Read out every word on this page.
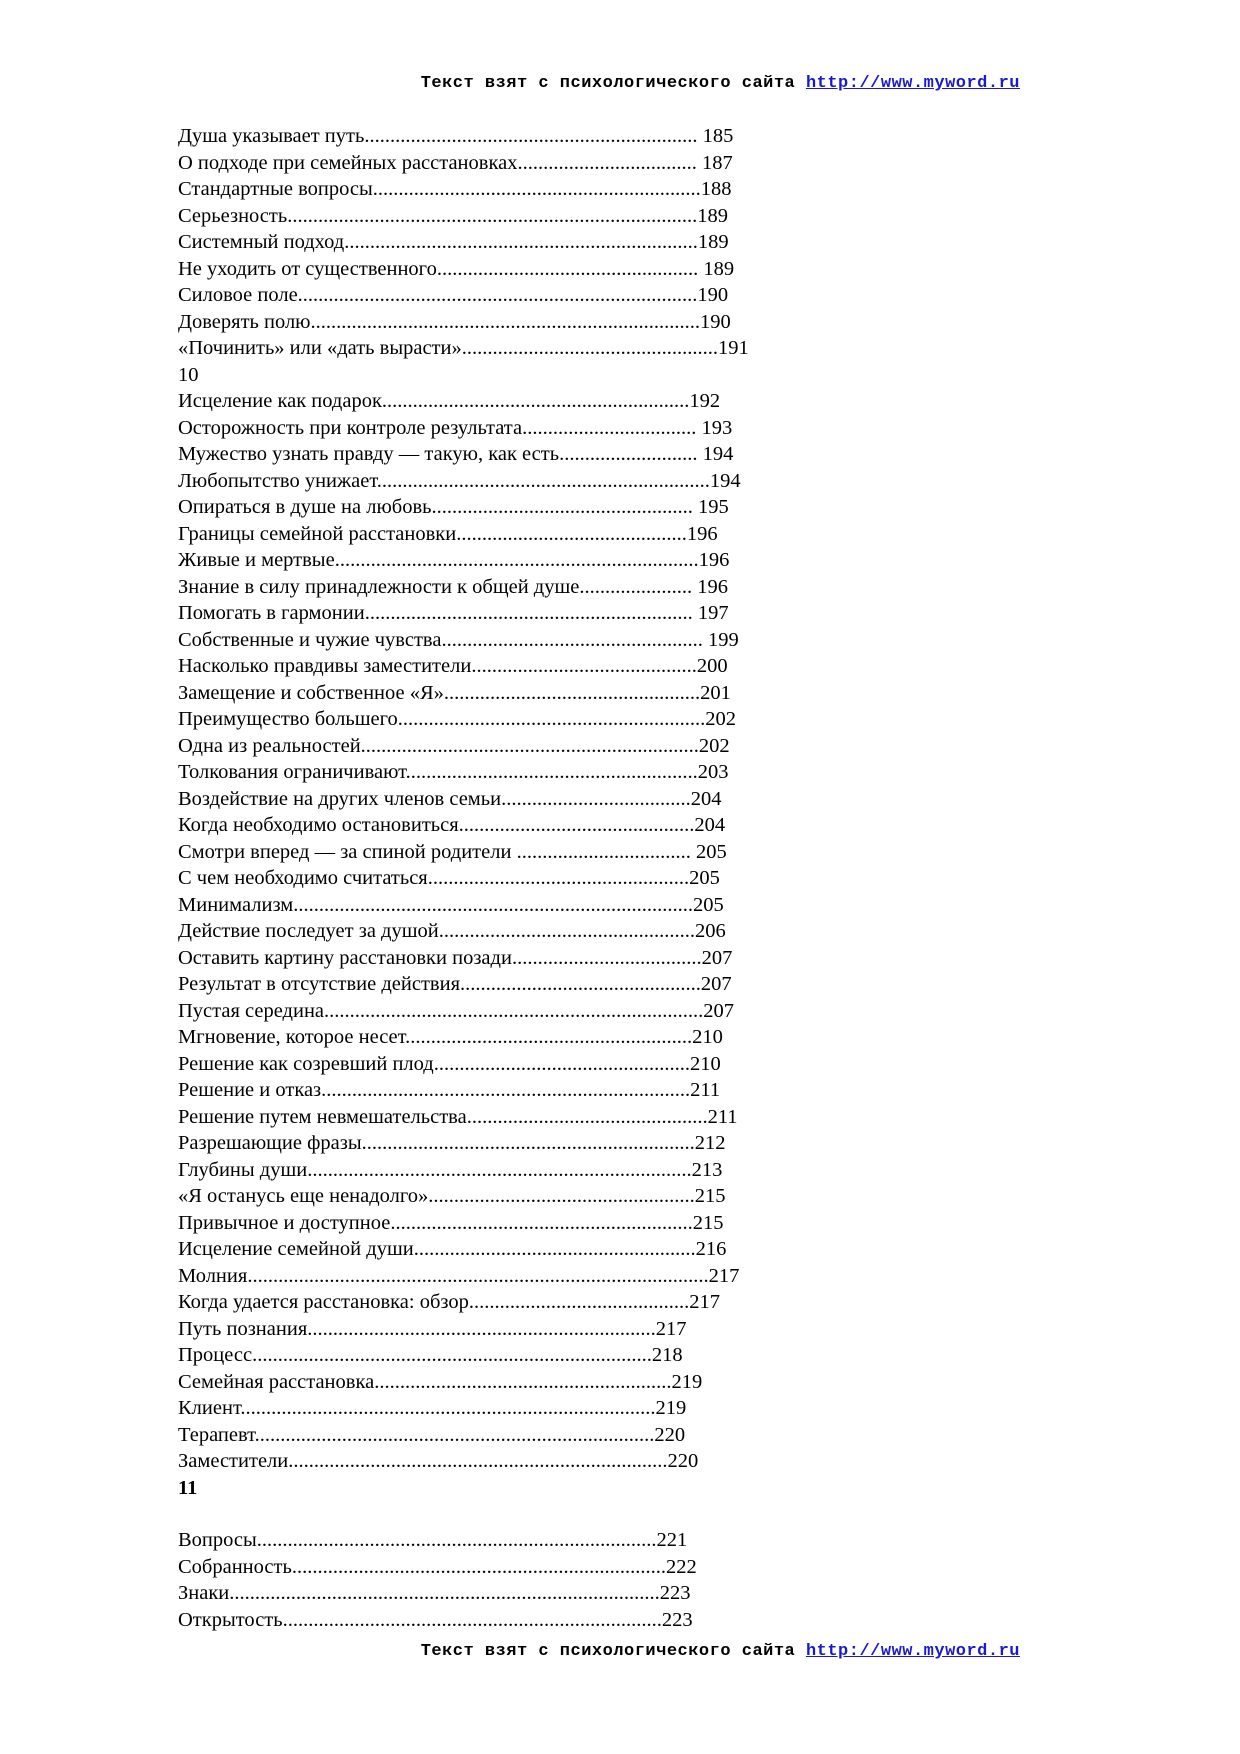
Текст взят с психологического сайта http://www.myword.ru
Душа указывает путь................................................................. 185
О подходе при семейных расстановках................................... 187
Стандартные вопросы................................................................188
Серьезность................................................................................189
Системный подход.....................................................................189
Не уходить от существенного................................................... 189
Силовое поле..............................................................................190
Доверять полю............................................................................190
«Починить» или «дать вырасти»..................................................191
10
Исцеление как подарок............................................................192
Осторожность при контроле результата.................................. 193
Мужество узнать правду — такую, как есть........................... 194
Любопытство унижает.................................................................194
Опираться в душе на любовь................................................... 195
Границы семейной расстановки.............................................196
Живые и мертвые.......................................................................196
Знание в силу принадлежности к общей душе...................... 196
Помогать в гармонии................................................................ 197
Собственные и чужие чувства................................................... 199
Насколько правдивы заместители............................................200
Замещение и собственное «Я»..................................................201
Преимущество большего............................................................202
Одна из реальностей..................................................................202
Толкования ограничивают.........................................................203
Воздействие на других членов семьи.....................................204
Когда необходимо остановиться..............................................204
Смотри вперед — за спиной родители .................................. 205
С чем необходимо считаться...................................................205
Минимализм..............................................................................205
Действие последует за душой..................................................206
Оставить картину расстановки позади.....................................207
Результат в отсутствие действия...............................................207
Пустая середина..........................................................................207
Мгновение, которое несет........................................................210
Решение как созревший плод..................................................210
Решение и отказ........................................................................211
Решение путем невмешательства...............................................211
Разрешающие фразы.................................................................212
Глубины души...........................................................................213
«Я останусь еще ненадолго»....................................................215
Привычное и доступное...........................................................215
Исцеление семейной души.......................................................216
Молния..........................................................................................217
Когда удается расстановка: обзор...........................................217
Путь познания....................................................................217
Процесс..............................................................................218
Семейная расстановка..........................................................219
Клиент.................................................................................219
Терапевт..............................................................................220
Заместители..........................................................................220
11
Вопросы..............................................................................221
Собранность.........................................................................222
Знаки....................................................................................223
Открытость..........................................................................223
Текст взят с психологического сайта http://www.myword.ru
